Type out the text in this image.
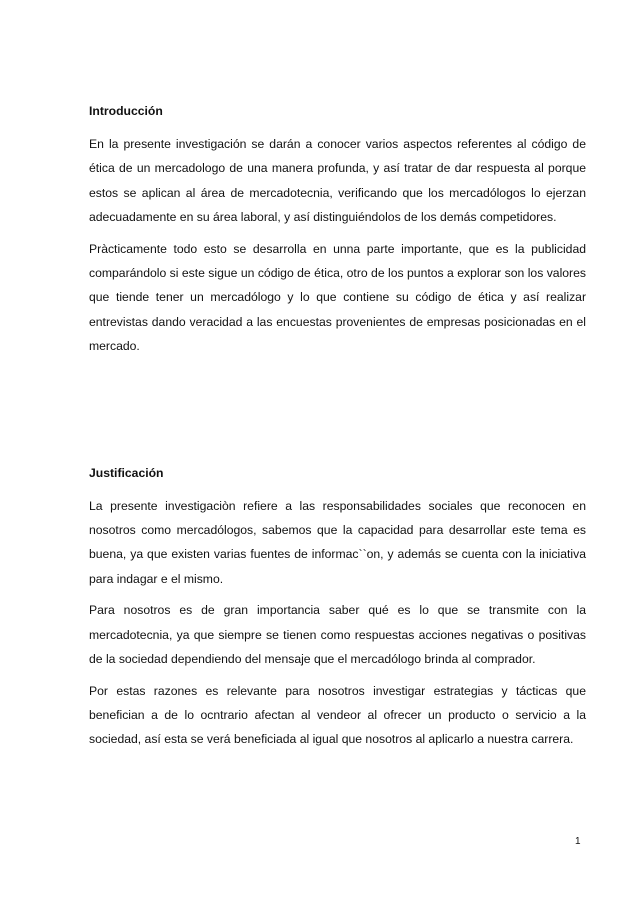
Introducción

En la presente investigación se darán a conocer varios aspectos referentes al código de ética de un mercadologo de una manera profunda, y así tratar de dar respuesta al porque estos se aplican al área de mercadotecnia, verificando que los mercadólogos lo ejerzan adecuadamente en su área laboral, y así distinguiéndolos de los demás competidores.

Pràcticamente todo esto se desarrolla en unna parte importante, que es la publicidad comparándolo si este sigue un código de ética, otro de los puntos a explorar son los valores que tiende tener un mercadólogo y lo que contiene su código de ética y así realizar entrevistas dando veracidad a las encuestas provenientes de empresas posicionadas en el mercado.

Justificación

La presente investigaciòn refiere a las responsabilidades sociales que reconocen en nosotros como mercadólogos, sabemos que la capacidad para desarrollar este tema es buena, ya que existen varias fuentes de informac``on, y además se cuenta con la iniciativa para indagar e el mismo.

Para nosotros es de gran importancia saber qué es lo que se transmite con la mercadotecnia, ya que siempre se tienen como respuestas acciones negativas o positivas de la sociedad dependiendo del mensaje que el mercadólogo brinda al comprador.

Por estas razones es relevante para nosotros investigar estrategias y tácticas que benefician a de lo ocntrario afectan al vendeor al ofrecer un producto o servicio a la sociedad, así esta se verá beneficiada al igual que nosotros al aplicarlo a nuestra carrera.

1
